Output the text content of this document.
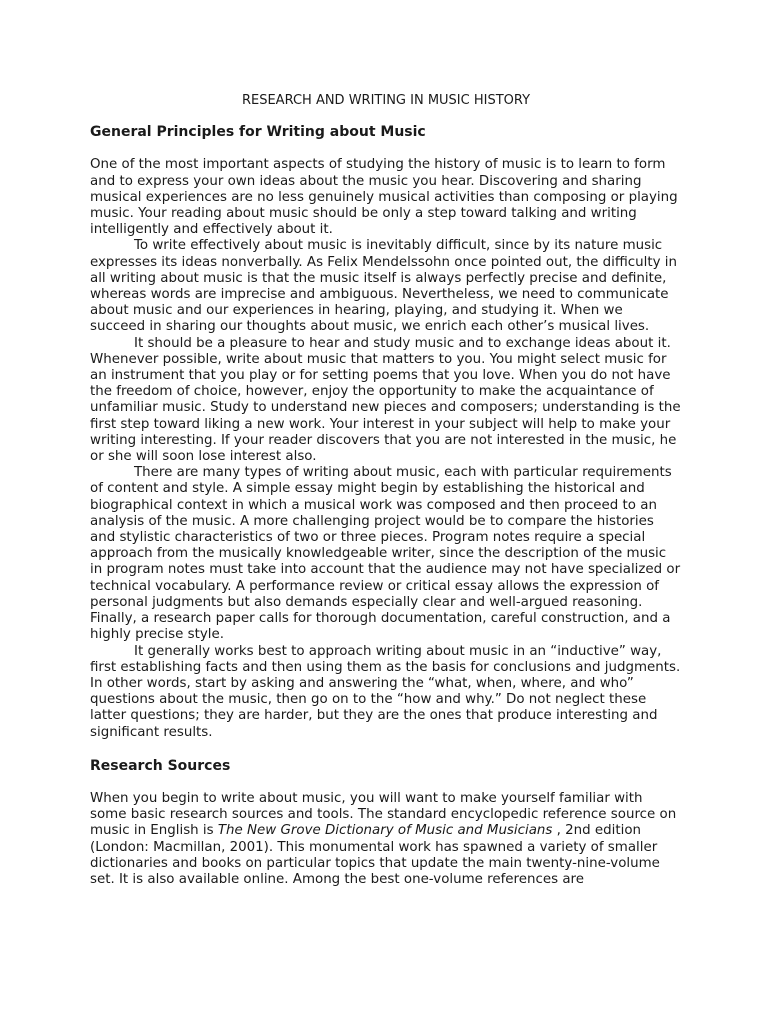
RESEARCH AND WRITING IN MUSIC HISTORY
General Principles for Writing about Music

One of the most important aspects of studying the history of music is to learn to form and to express your own ideas about the music you hear. Discovering and sharing musical experiences are no less genuinely musical activities than composing or playing music. Your reading about music should be only a step toward talking and writing intelligently and effectively about it.

To write effectively about music is inevitably difficult, since by its nature music expresses its ideas nonverbally. As Felix Mendelssohn once pointed out, the difficulty in all writing about music is that the music itself is always perfectly precise and definite, whereas words are imprecise and ambiguous. Nevertheless, we need to communicate about music and our experiences in hearing, playing, and studying it. When we succeed in sharing our thoughts about music, we enrich each other’s musical lives.

It should be a pleasure to hear and study music and to exchange ideas about it. Whenever possible, write about music that matters to you. You might select music for an instrument that you play or for setting poems that you love. When you do not have the freedom of choice, however, enjoy the opportunity to make the acquaintance of unfamiliar music. Study to understand new pieces and composers; understanding is the first step toward liking a new work. Your interest in your subject will help to make your writing interesting. If your reader discovers that you are not interested in the music, he or she will soon lose interest also.

There are many types of writing about music, each with particular requirements of content and style. A simple essay might begin by establishing the historical and biographical context in which a musical work was composed and then proceed to an analysis of the music. A more challenging project would be to compare the histories and stylistic characteristics of two or three pieces. Program notes require a special approach from the musically knowledgeable writer, since the description of the music in program notes must take into account that the audience may not have specialized or technical vocabulary. A performance review or critical essay allows the expression of personal judgments but also demands especially clear and well-argued reasoning. Finally, a research paper calls for thorough documentation, careful construction, and a highly precise style.

It generally works best to approach writing about music in an “inductive” way, first establishing facts and then using them as the basis for conclusions and judgments. In other words, start by asking and answering the “what, when, where, and who” questions about the music, then go on to the “how and why.” Do not neglect these latter questions; they are harder, but they are the ones that produce interesting and significant results.

Research Sources

When you begin to write about music, you will want to make yourself familiar with some basic research sources and tools. The standard encyclopedic reference source on music in English is The New Grove Dictionary of Music and Musicians , 2nd edition (London: Macmillan, 2001). This monumental work has spawned a variety of smaller dictionaries and books on particular topics that update the main twenty-nine-volume set. It is also available online. Among the best one-volume references are
